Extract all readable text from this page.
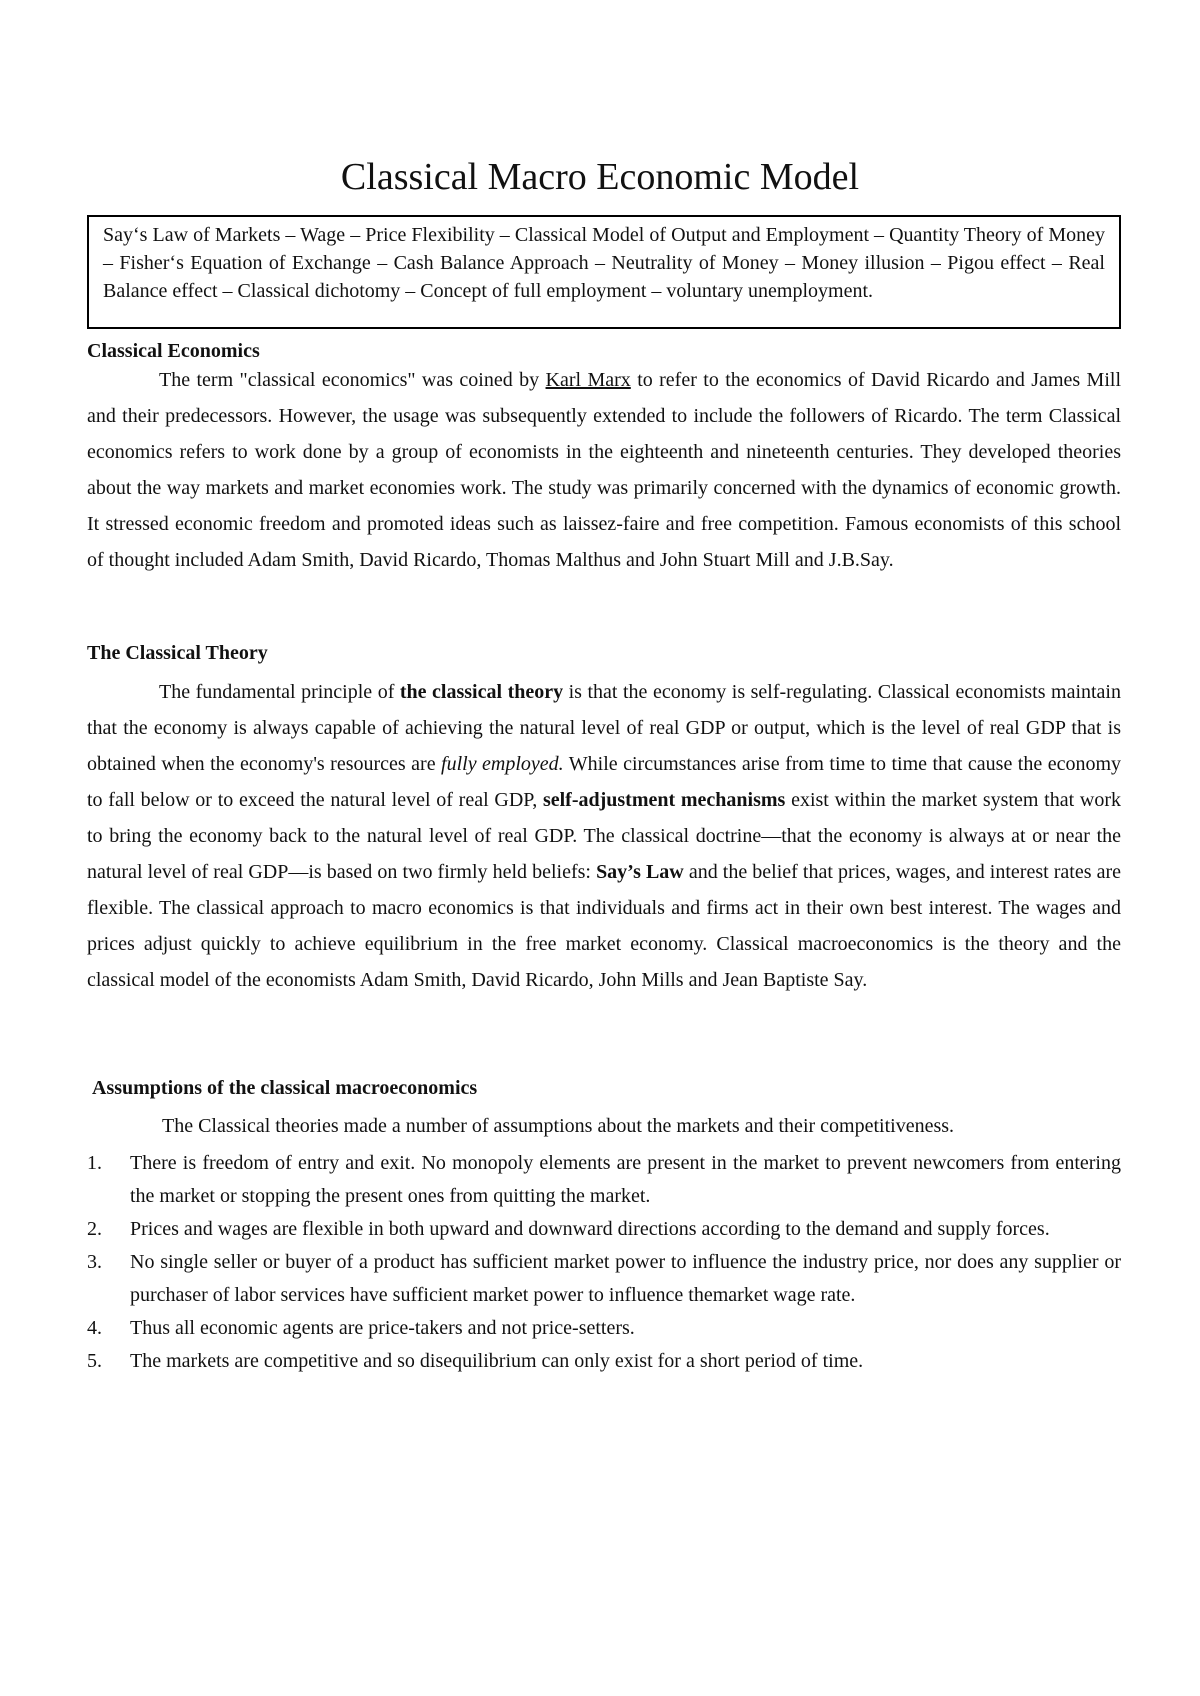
Classical Macro Economic Model
Say‘s Law of Markets – Wage – Price Flexibility – Classical Model of Output and Employment – Quantity Theory of Money – Fisher‘s Equation of Exchange – Cash Balance Approach – Neutrality of Money – Money illusion – Pigou effect – Real Balance effect – Classical dichotomy – Concept of full employment – voluntary unemployment.
Classical Economics

The term "classical economics" was coined by Karl Marx to refer to the economics of David Ricardo and James Mill and their predecessors. However, the usage was subsequently extended to include the followers of Ricardo. The term Classical economics refers to work done by a group of economists in the eighteenth and nineteenth centuries. They developed theories about the way markets and market economies work. The study was primarily concerned with the dynamics of economic growth. It stressed economic freedom and promoted ideas such as laissez-faire and free competition. Famous economists of this school of thought included Adam Smith, David Ricardo, Thomas Malthus and John Stuart Mill and J.B.Say.

The Classical Theory

The fundamental principle of the classical theory is that the economy is self-regulating. Classical economists maintain that the economy is always capable of achieving the natural level of real GDP or output, which is the level of real GDP that is obtained when the economy's resources are fully employed. While circumstances arise from time to time that cause the economy to fall below or to exceed the natural level of real GDP, self-adjustment mechanisms exist within the market system that work to bring the economy back to the natural level of real GDP. The classical doctrine—that the economy is always at or near the natural level of real GDP—is based on two firmly held beliefs: Say’s Law and the belief that prices, wages, and interest rates are flexible. The classical approach to macro economics is that individuals and firms act in their own best interest. The wages and prices adjust quickly to achieve equilibrium in the free market economy. Classical macroeconomics is the theory and the classical model of the economists Adam Smith, David Ricardo, John Mills and Jean Baptiste Say.

Assumptions of the classical macroeconomics

The Classical theories made a number of assumptions about the markets and their competitiveness.

1. There is freedom of entry and exit. No monopoly elements are present in the market to prevent newcomers from entering the market or stopping the present ones from quitting the market.
2. Prices and wages are flexible in both upward and downward directions according to the demand and supply forces.
3. No single seller or buyer of a product has sufficient market power to influence the industry price, nor does any supplier or purchaser of labor services have sufficient market power to influence themarket wage rate.
4. Thus all economic agents are price-takers and not price-setters.
5. The markets are competitive and so disequilibrium can only exist for a short period of time.
